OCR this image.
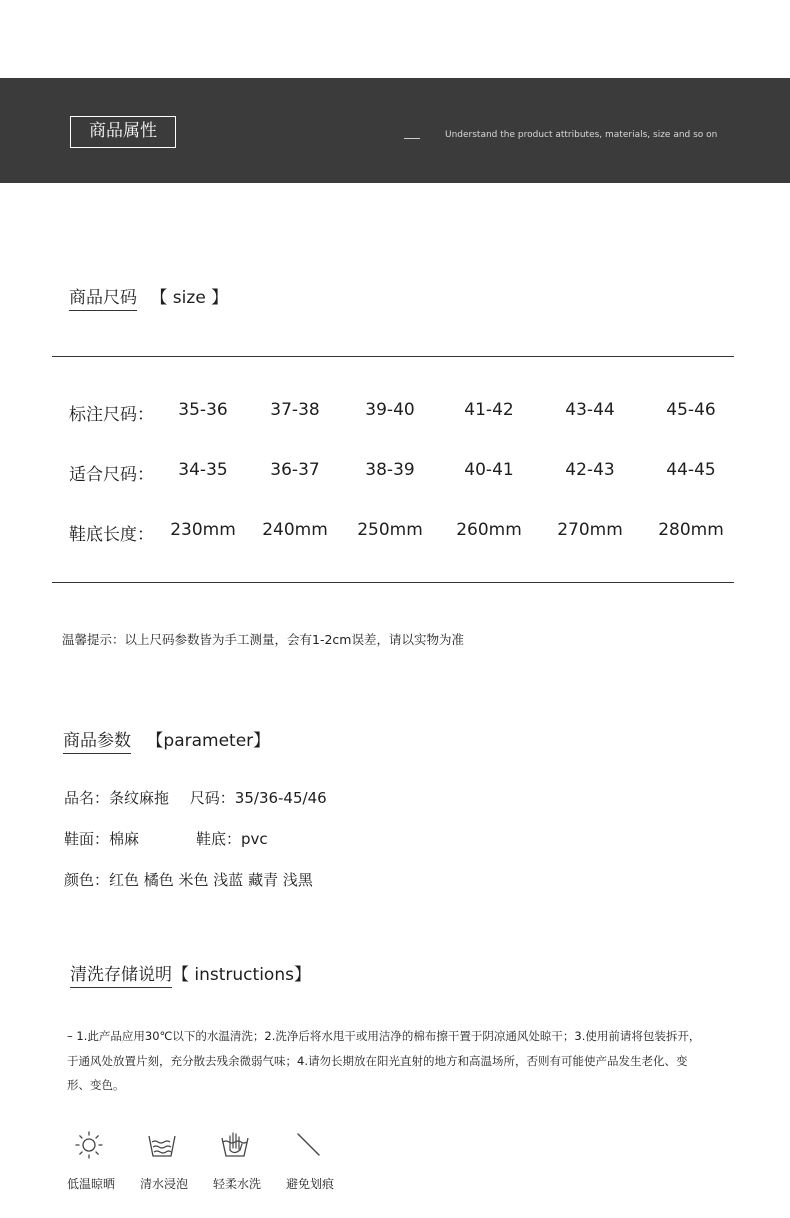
商品属性	Understand the product attributes, materials, size and so on
商品尺码 【 size 】
标注尺码：	35-36	37-38	39-40	41-42	43-44	45-46
适合尺码：	34-35	36-37	38-39	40-41	42-43	44-45
鞋底长度： 230mm	240mm	250mm	260mm	270mm	280mm
温馨提示：以上尺码参数皆为手工测量，会有1-2cm误差，请以实物为准
商品参数 【parameter】
品名：条纹麻拖 尺码：35/36-45/46
鞋面：棉麻	鞋底：pvc
颜色：红色 橘色 米色 浅蓝 藏青 浅黑
清洗存储说明【 instructions】
– 1.此产品应用30℃以下的水温清洗；2.洗净后将水甩干或用洁净的棉布擦干置于阴凉通风处晾干；3.使用前请将包装拆开，于通风处放置片刻，充分散去残余微弱气味；4.请勿长期放在阳光直射的地方和高温场所，否则有可能使产品发生老化、变形、变色。
低温晾晒 清水浸泡 轻柔水洗 避免划痕
